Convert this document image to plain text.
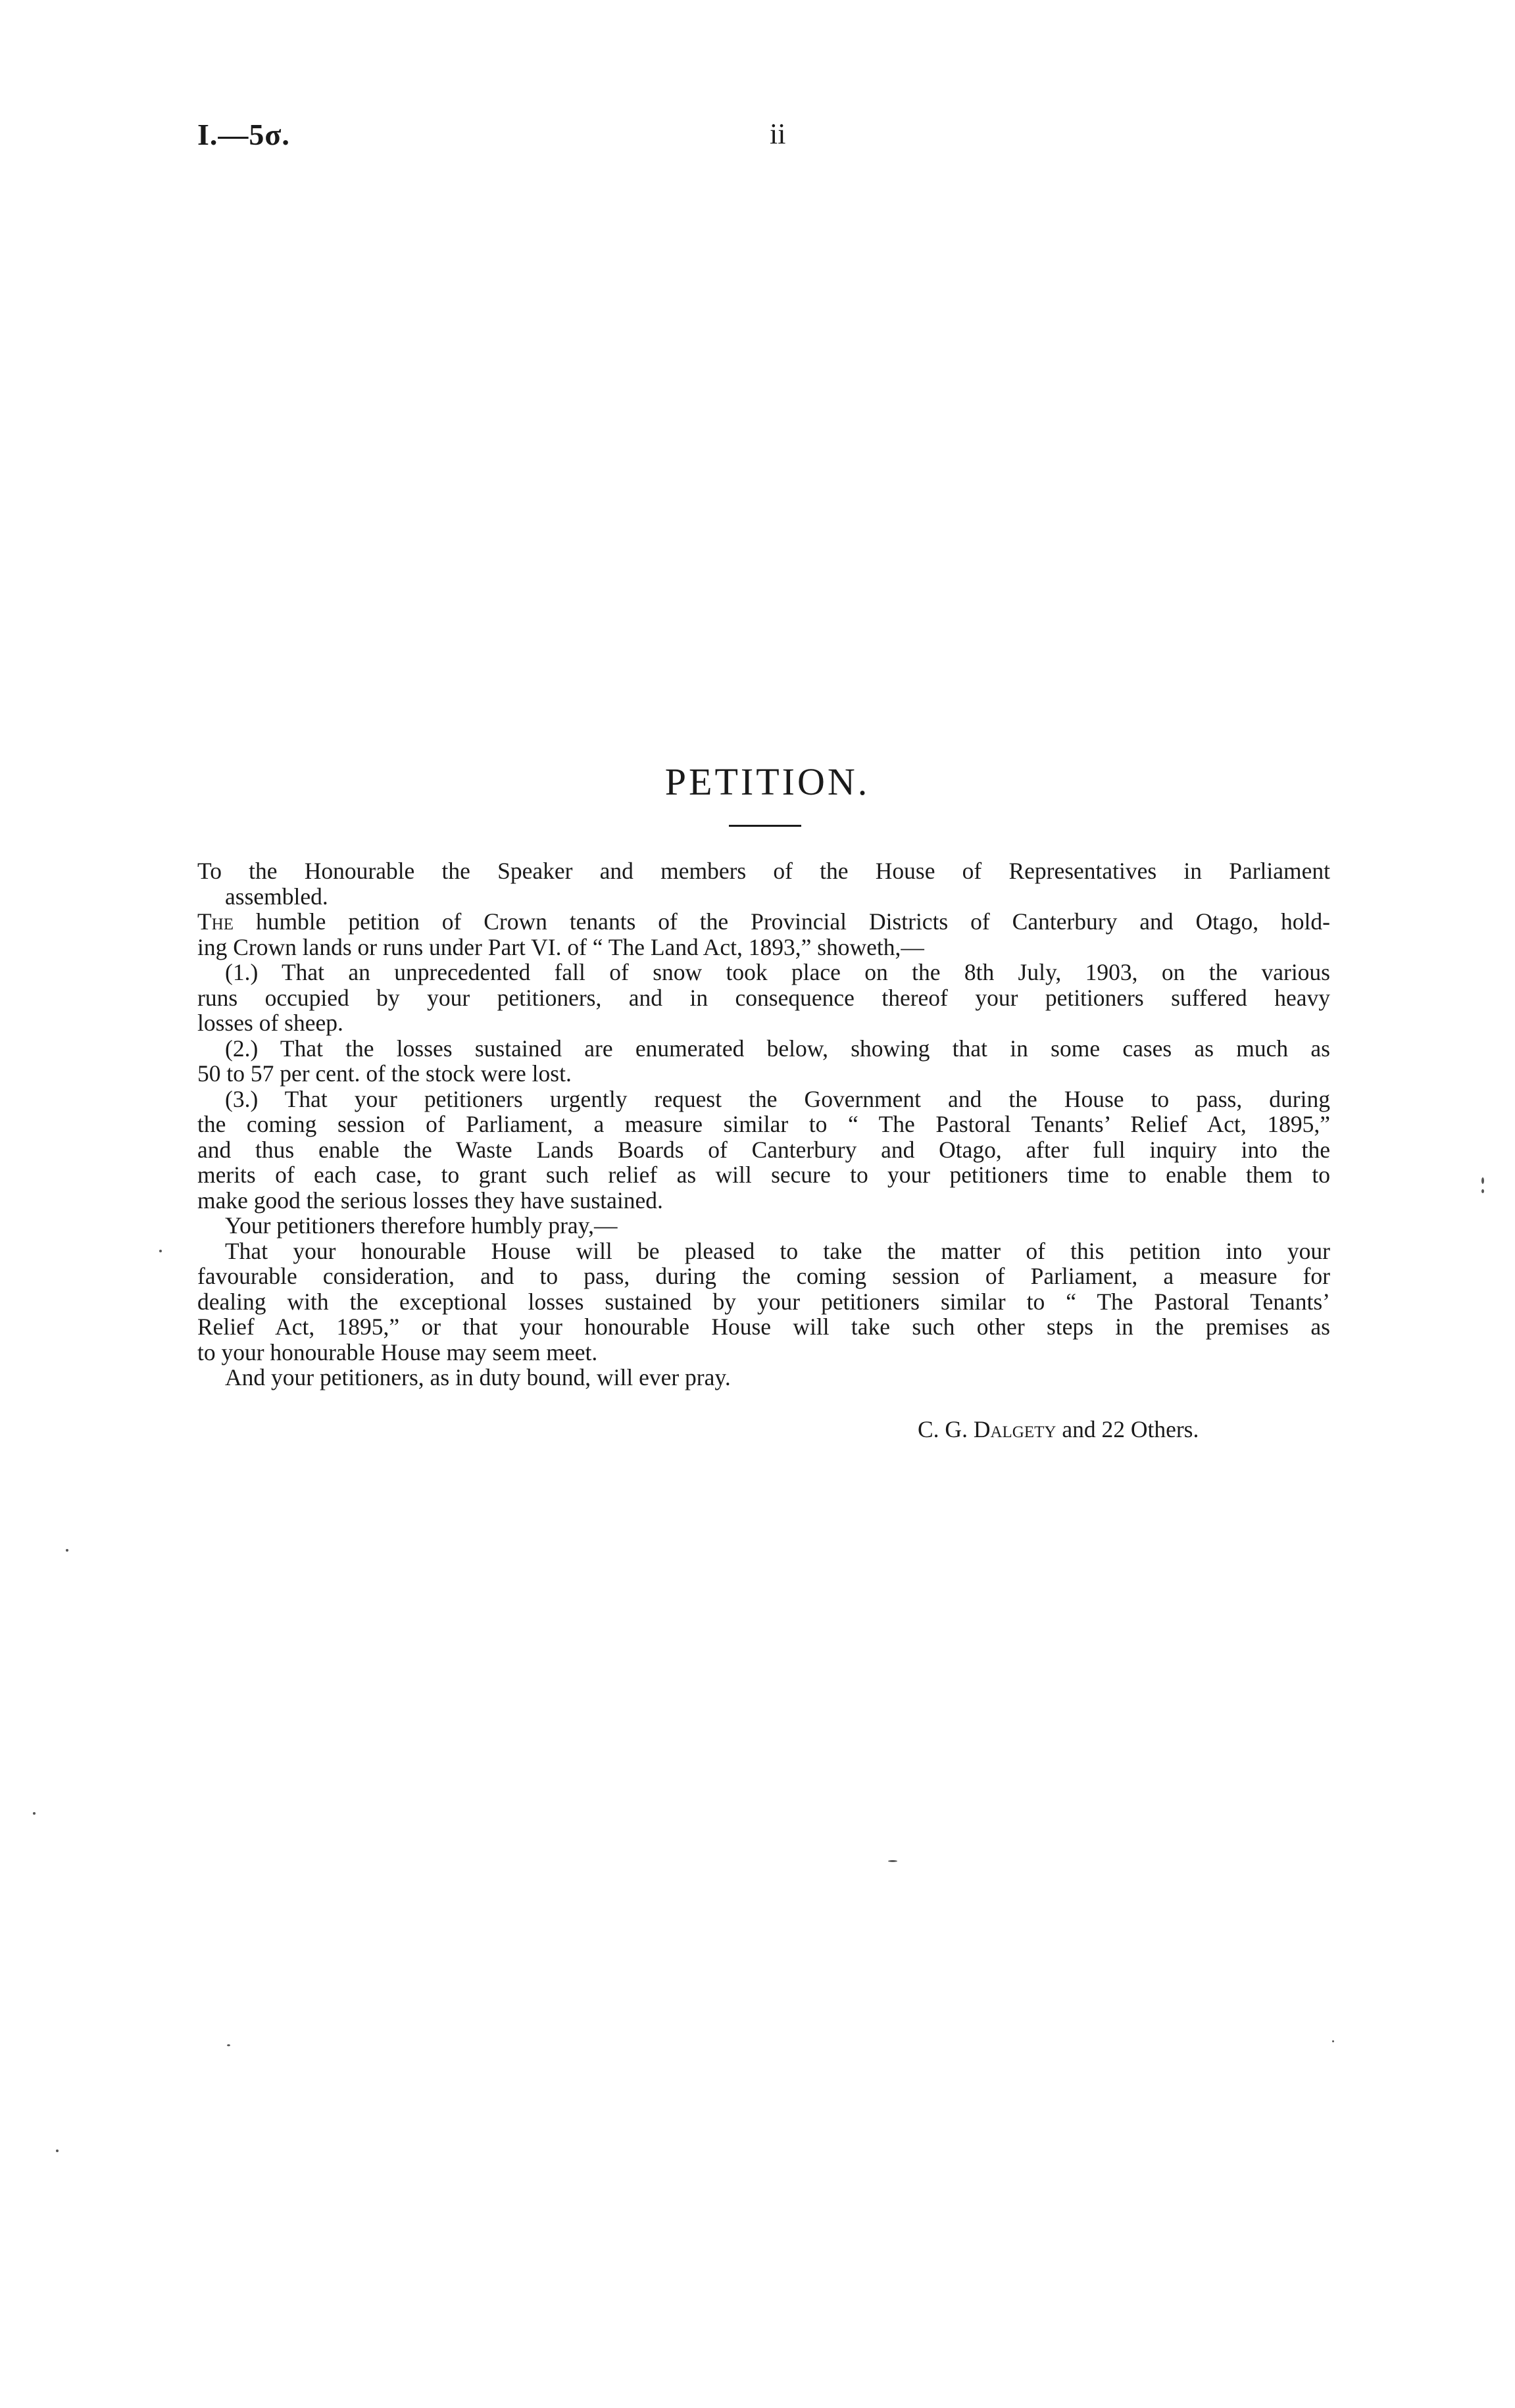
I.—5σ.	ii
PETITION.

To the Honourable the Speaker and members of the House of Representatives in Parliament

assembled.

The humble petition of Crown tenants of the Provincial Districts of Canterbury and Otago, hold-

ing Crown lands or runs under Part VI. of “ The Land Act, 1893,” showeth,—

(1.) That an unprecedented fall of snow took place on the 8th July, 1903, on the various

runs occupied by your petitioners, and in consequence thereof your petitioners suffered heavy

losses of sheep.

(2.) That the losses sustained are enumerated below, showing that in some cases as much as

50 to 57 per cent. of the stock were lost.

(3.) That your petitioners urgently request the Government and the House to pass, during

the coming session of Parliament, a measure similar to “ The Pastoral Tenants’ Relief Act, 1895,”

and thus enable the Waste Lands Boards of Canterbury and Otago, after full inquiry into the

merits of each case, to grant such relief as will secure to your petitioners time to enable them to

make good the serious losses they have sustained.

Your petitioners therefore humbly pray,—

That your honourable House will be pleased to take the matter of this petition into your

favourable consideration, and to pass, during the coming session of Parliament, a measure for

dealing with the exceptional losses sustained by your petitioners similar to “ The Pastoral Tenants’

Relief Act, 1895,” or that your honourable House will take such other steps in the premises as

to your honourable House may seem meet.

And your petitioners, as in duty bound, will ever pray.

C. G. Dalgety and 22 Others.
